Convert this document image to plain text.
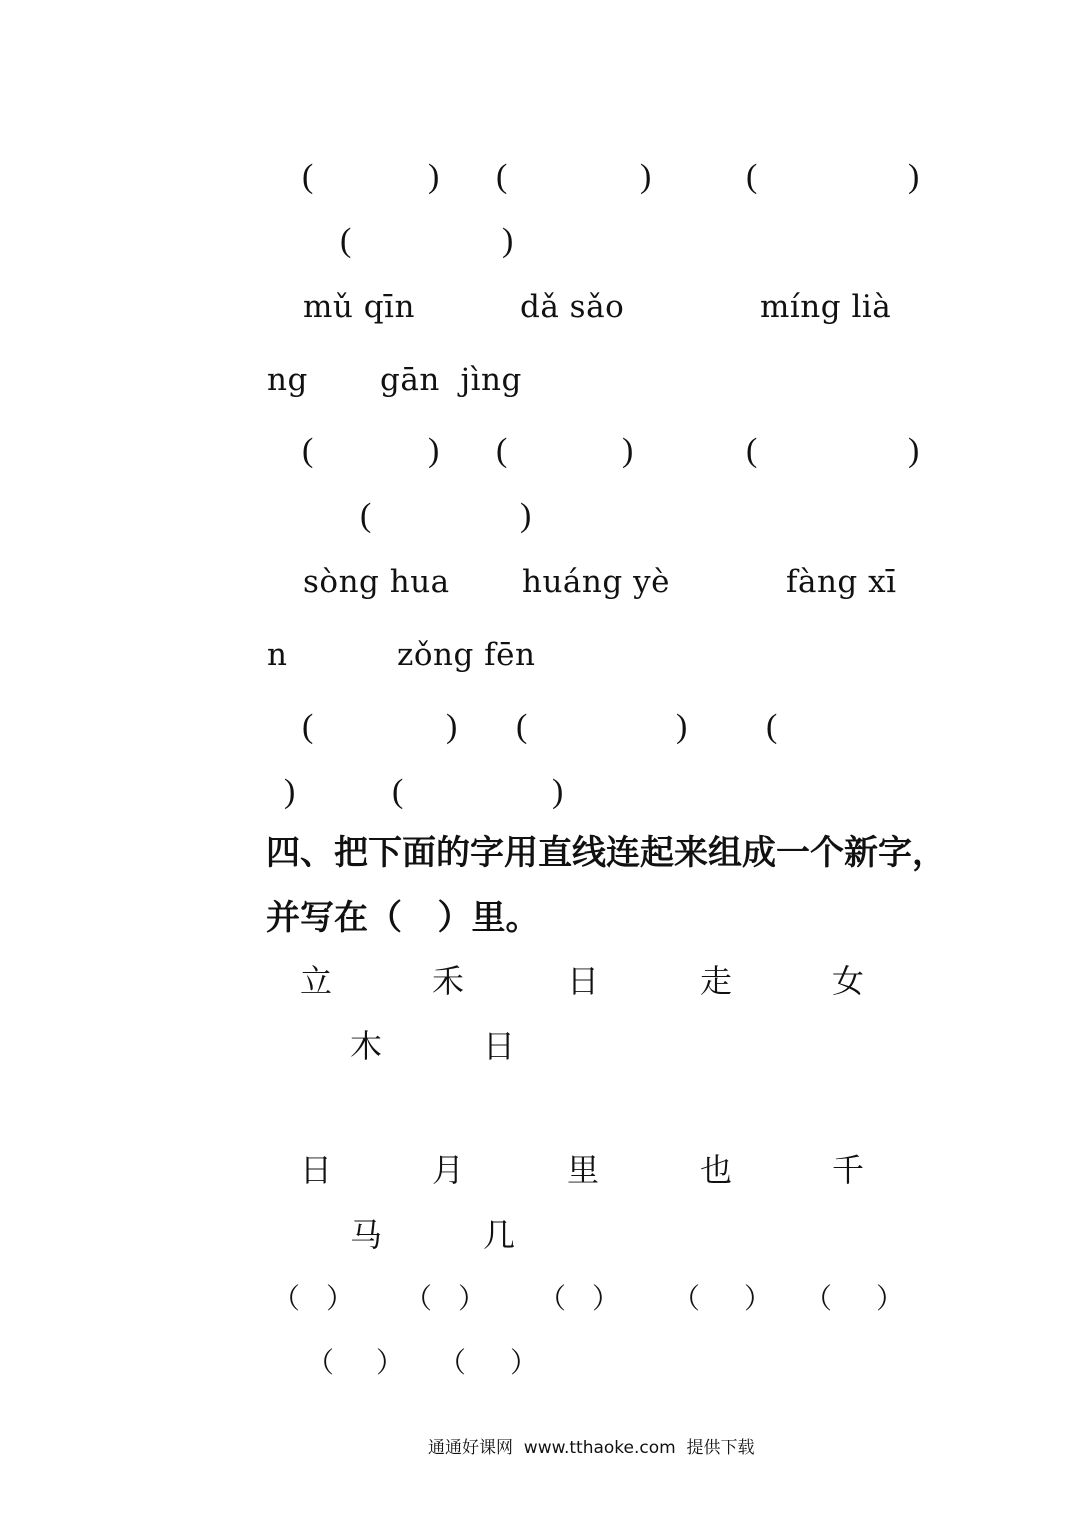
(	) (	)	(	)
(	)
mǔ qīn	dǎ sǎo	míng lià
ng gān  jìng
(	) (	)	(	)
(	)
sòng hua huáng yè	fàng xī
n	zǒng fēn
(	) (	) (
)	(	)
四、把下面的字用直线连起来组成一个新字，
并写在（   ）里。
立	禾	日	走	女
木	日
日	月	里	也	千
马	几
（ ） （ ） （ ） （ ） （ ）
（ ） （ ）
通通好课网  www.tthaoke.com  提供下载
